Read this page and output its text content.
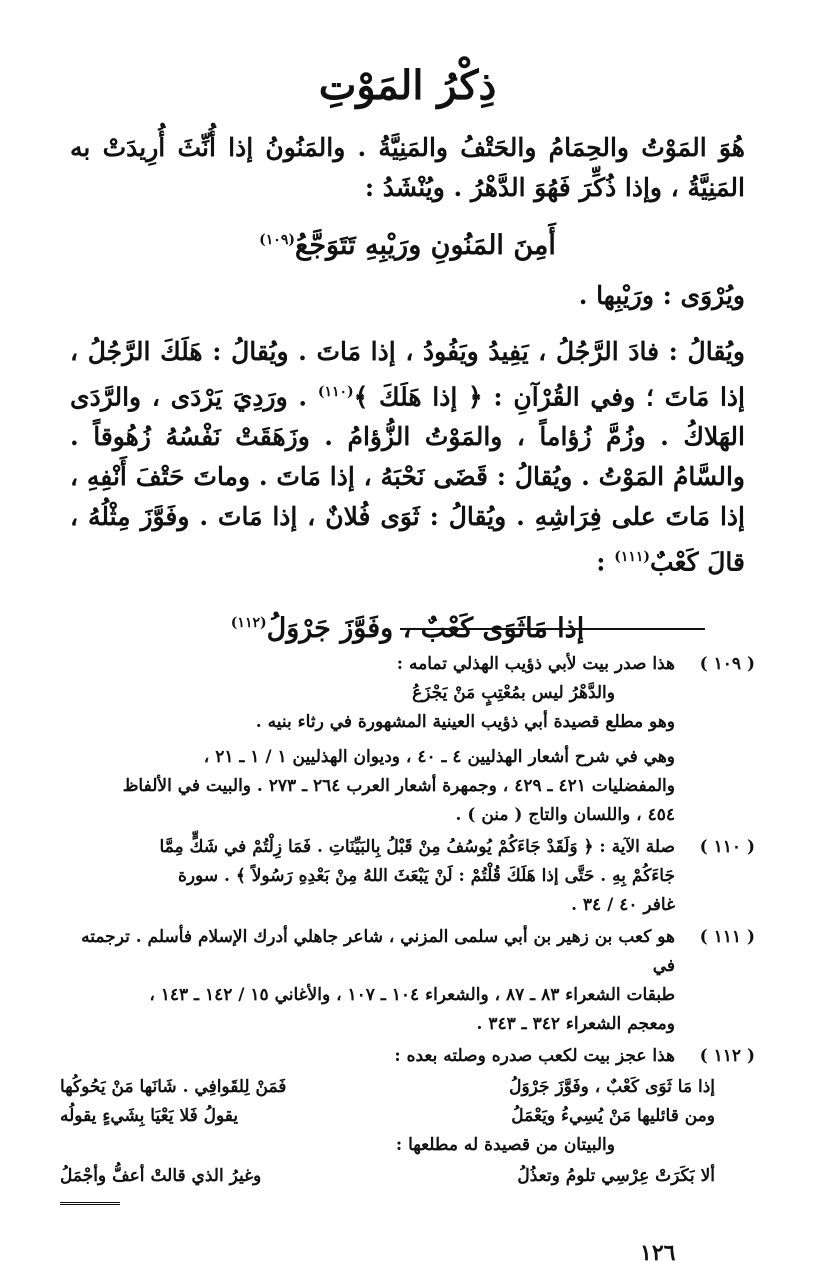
ذِكْرُ المَوْتِ

هُوَ المَوْتُ والحِمَامُ والحَتْفُ والمَنِيَّةُ . والمَنُونُ إذا أُنِّثَ أُرِيدَتْ به المَنِيَّةُ ، وإذا ذُكِّرَ فَهُوَ الدَّهْرُ . ويُنْشَدُ :

أَمِنَ المَنُونِ ورَيْبِهِ تَتَوَجَّعُ$^{(١٠٩)}$

ويُرْوَى : ورَيْبِها .

ويُقالُ : فادَ الرَّجُلُ ، يَفِيدُ ويَفُودُ ، إذا مَاتَ . ويُقالُ : هَلَكَ الرَّجُلُ ، إذا مَاتَ ؛ وفي القُرْآنِ : ﴿ إذا هَلَكَ ﴾$^{(١١٠)}$ . ورَدِيَ يَرْدَى ، والرَّدَى الهَلاكُ . وزُمَّ زُؤاماً ، والمَوْتُ الزُّؤامُ . وزَهَقَتْ نَفْسُهُ زُهُوقاً . والسَّامُ المَوْتُ . ويُقالُ : قَضَى نَحْبَهُ ، إذا مَاتَ . وماتَ حَتْفَ أَنْفِهِ ، إذا مَاتَ على فِرَاشِهِ . ويُقالُ : ثَوَى فُلانٌ ، إذا مَاتَ . وفَوَّزَ مِثْلُهُ ، قالَ كَعْبٌ$^{(١١١)}$ :

إذا مَاثَوَى كَعْبٌ ، وفَوَّزَ جَرْوَلُ$^{(١١٢)}$
( ١٠٩ )
هذا صدر بيت لأبي ذؤيب الهذلي تمامه :
والدَّهْرُ ليس بمُعْتِبٍ مَنْ يَجْزَعُ
وهو مطلع قصيدة أبي ذؤيب العينية المشهورة في رثاء بنيه .
وهي في شرح أشعار الهذليين ٤ ـ ٤٠ ، وديوان الهذليين ١ / ١ ـ ٢١ ،
والمفضليات ٤٢١ ـ ٤٢٩ ، وجمهرة أشعار العرب ٢٦٤ ـ ٢٧٣ . والبيت في الألفاظ
٤٥٤ ، واللسان والتاج ( منن ) .
( ١١٠ )
صلة الآية : ﴿ وَلَقَدْ جَاءَكُمْ يُوسُفُ مِنْ قَبْلُ بِالبَيِّنَاتِ . فَمَا زِلْتُمْ في شَكٍّ مِمَّا
جَاءَكُمْ بِهِ . حَتَّى إذا هَلَكَ قُلْتُمْ : لَنْ يَبْعَثَ اللهُ مِنْ بَعْدِهِ رَسُولاً ﴾ . سورة
غافر ٤٠ / ٣٤ .
( ١١١ )
هو كعب بن زهير بن أبي سلمى المزني ، شاعر جاهلي أدرك الإسلام فأسلم . ترجمته في
طبقات الشعراء ٨٣ ـ ٨٧ ، والشعراء ١٠٤ ـ ١٠٧ ، والأغاني ١٥ / ١٤٢ ـ ١٤٣ ،
ومعجم الشعراء ٣٤٢ ـ ٣٤٣ .
( ١١٢ )
هذا عجز بيت لكعب صدره وصلته بعده :
إذا مَا ثَوَى كَعْبٌ ، وفَوَّزَ جَرْوَلُ
فَمَنْ لِلقَوافِي . شَانَها مَنْ يَحُوكُها
ومن قائليها مَنْ يُسِيءُ ويَعْمَلُ
يقولُ فَلا يَعْيَا بِشَيءٍ يقولُه
والبيتان من قصيدة له مطلعها :
ألا بَكَرَتْ عِرْسِي تلومُ وتعذُلُ
وغيرُ الذي قالتْ أعفُّ وأجْمَلُ
١٢٦
